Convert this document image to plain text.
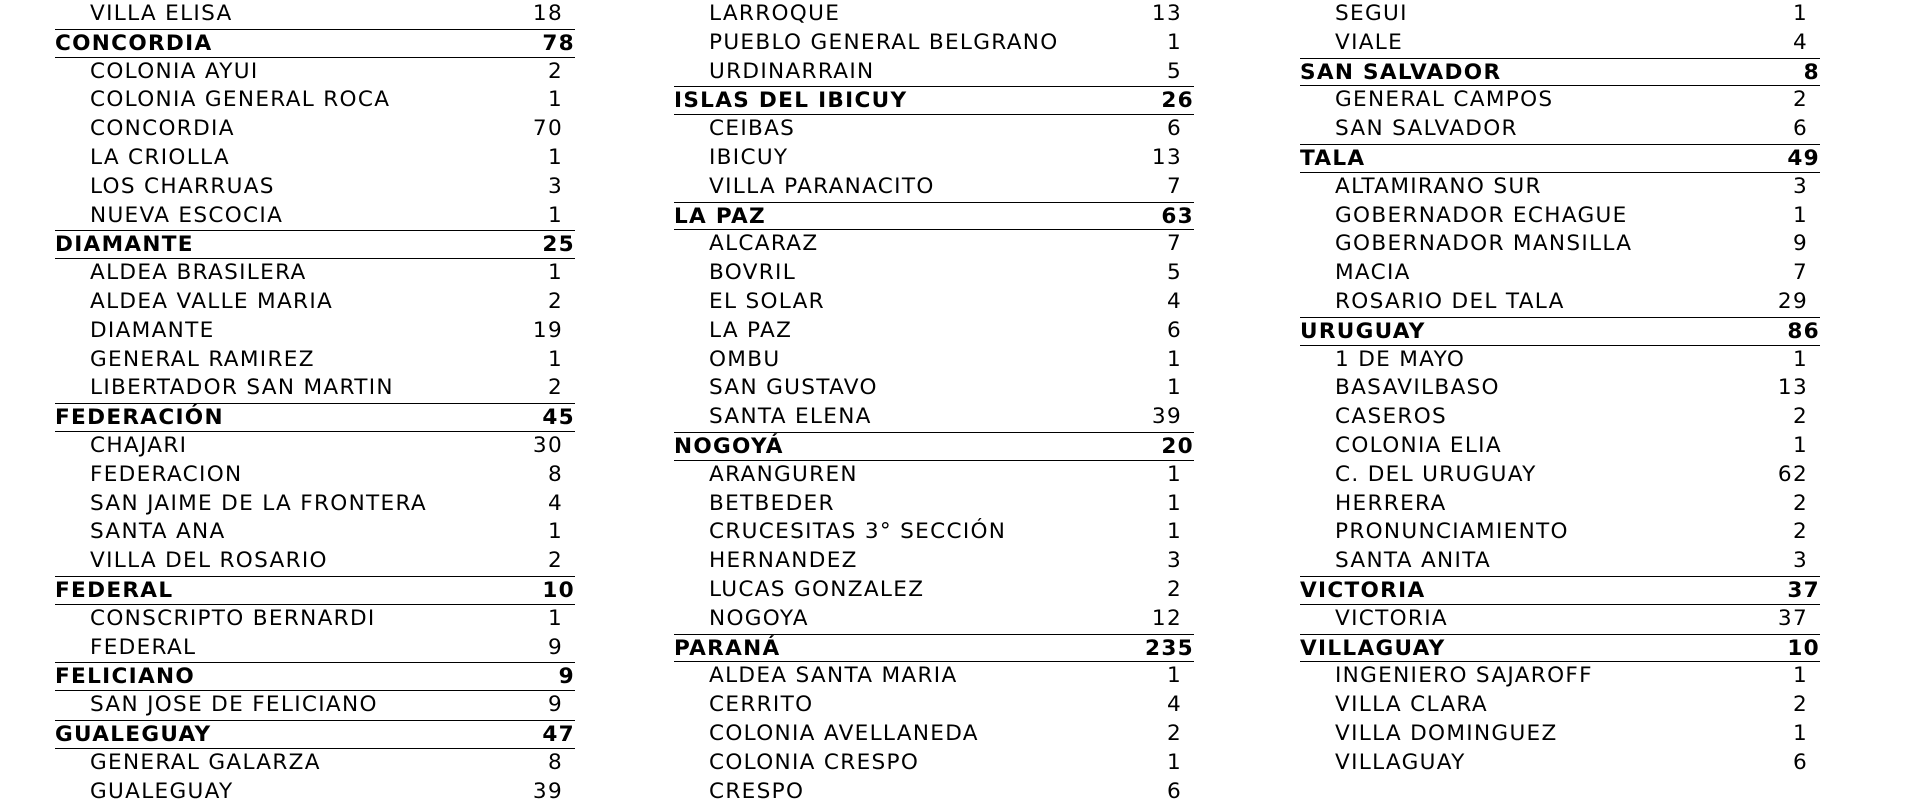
VILLA ELISA	18
CONCORDIA	78
COLONIA AYUI	2
COLONIA GENERAL ROCA	1
CONCORDIA	70
LA CRIOLLA	1
LOS CHARRUAS	3
NUEVA ESCOCIA	1
DIAMANTE	25
ALDEA BRASILERA	1
ALDEA VALLE MARIA	2
DIAMANTE	19
GENERAL RAMIREZ	1
LIBERTADOR SAN MARTIN	2
FEDERACIÓN	45
CHAJARI	30
FEDERACION	8
SAN JAIME DE LA FRONTERA	4
SANTA ANA	1
VILLA DEL ROSARIO	2
FEDERAL	10
CONSCRIPTO BERNARDI	1
FEDERAL	9
FELICIANO	9
SAN JOSE DE FELICIANO	9
GUALEGUAY	47
GENERAL GALARZA	8
GUALEGUAY	39
LARROQUE	13
PUEBLO GENERAL BELGRANO	1
URDINARRAIN	5
ISLAS DEL IBICUY	26
CEIBAS	6
IBICUY	13
VILLA PARANACITO	7
LA PAZ	63
ALCARAZ	7
BOVRIL	5
EL SOLAR	4
LA PAZ	6
OMBU	1
SAN GUSTAVO	1
SANTA ELENA	39
NOGOYÁ	20
ARANGUREN	1
BETBEDER	1
CRUCESITAS 3° SECCIÓN	1
HERNANDEZ	3
LUCAS GONZALEZ	2
NOGOYA	12
PARANÁ	235
ALDEA SANTA MARIA	1
CERRITO	4
COLONIA AVELLANEDA	2
COLONIA CRESPO	1
CRESPO	6
SEGUI	1
VIALE	4
SAN SALVADOR	8
GENERAL CAMPOS	2
SAN SALVADOR	6
TALA	49
ALTAMIRANO SUR	3
GOBERNADOR ECHAGUE	1
GOBERNADOR MANSILLA	9
MACIA	7
ROSARIO DEL TALA	29
URUGUAY	86
1 DE MAYO	1
BASAVILBASO	13
CASEROS	2
COLONIA ELIA	1
C. DEL URUGUAY	62
HERRERA	2
PRONUNCIAMIENTO	2
SANTA ANITA	3
VICTORIA	37
VICTORIA	37
VILLAGUAY	10
INGENIERO SAJAROFF	1
VILLA CLARA	2
VILLA DOMINGUEZ	1
VILLAGUAY	6
